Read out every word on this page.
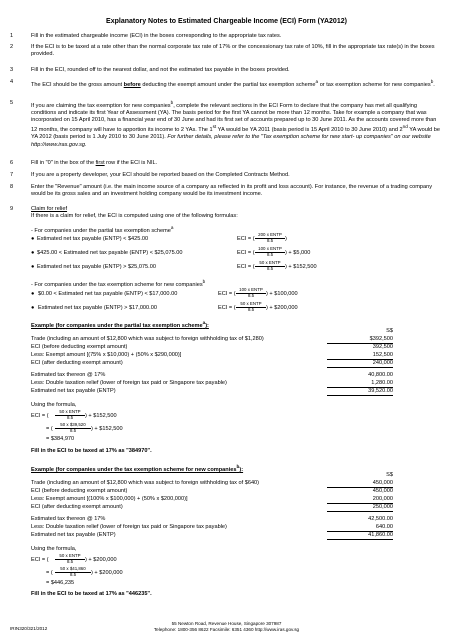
Explanatory Notes to Estimated Chargeable Income (ECI) Form (YA2012)
1	Fill in the estimated chargeable income (ECI) in the boxes corresponding to the appropriate tax rates.
2	If the ECI is to be taxed at a rate other than the normal corporate tax rate of 17% or the concessionary tax rate of 10%, fill in the appropriate tax rate(s) in the boxes provided.
3	Fill in the ECI, rounded off to the nearest dollar, and not the estimated tax payable in the boxes provided.
4	The ECI should be the gross amount before deducting the exempt amount under the partial tax exemption scheme$^a$ or tax exemption scheme for new companies$^b$.
5	If you are claiming the tax exemption for new companies$^b$, complete the relevant sections in the ECI Form to declare that the company has met all qualifying conditions and indicate its first Year of Assessment (YA). The basis period for the first YA cannot be more than 12 months. Take for example a company that was incorporated on 15 April 2010, has a financial year end of 30 June and had its first set of accounts prepared up to 30 June 2011. As the accounts covered more than 12 months, the company will have to apportion its income to 2 YAs. The 1st YA would be YA 2011 (basis period is 15 April 2010 to 30 June 2010) and 2nd YA would be YA 2012 (basis period is 1 July 2010 to 30 June 2011). For further details, please refer to the "Tax exemption scheme for new start- up companies" on our website http://www.iras.gov.sg.
6	Fill in "0" in the box of the first row if the ECI is NIL.
7	If you are a property developer, your ECI should be reported based on the Completed Contracts Method.
8	Enter the "Revenue" amount (i.e. the main income source of a company as reflected in its profit and loss account). For instance, the revenue of a trading company would be its gross sales and an investment holding company would be its investment income.
9	Claim for relief
If there is a claim for relief, the ECI is computed using one of the following formulas:
- For companies under the partial tax exemption scheme$^a$
● Estimated net tax payable (ENTP) < $425.00	ECI = (
200 x ENTP
8.5	)
● $425.00 < Estimated net tax payable (ENTP) < $25,075.00	ECI = (
100 x ENTP
8.5	) + $5,000
● Estimated net tax payable (ENTP) > $25,075.00	ECI = (
50 x ENTP
8.5	) + $152,500
- For companies under the tax exemption scheme for new companies$^b$
● $0.00 < Estimated net tax payable (ENTP) < $17,000.00	ECI = (
100 x ENTP
8.5	) + $100,000
● Estimated net tax payable (ENTP) > $17,000.00	ECI = (
50 x ENTP
8.5	) + $200,000
Example (for companies under the partial tax exemption scheme$^a$):
S$
Trade (including an amount of $12,800 which was subject to foreign withholding tax of $1,280)	$392,500
ECI (before deducting exempt amount)	392,500
Less: Exempt amount [(75% x $10,000) + (50% x $290,000)]	152,500
ECI (after deducting exempt amount)	240,000
Estimated tax thereon @ 17%	40,800.00
Less: Double taxation relief (lower of foreign tax paid or Singapore tax payable)	1,280.00
Estimated net tax payable (ENTP)	39,520.00
Using the formula,
ECI = (
50 x ENTP
8.5	) + $152,500
= (
50 x $39,520
8.5	) + $152,500
= $384,970
Fill in the ECI to be taxed at 17% as "384970".
Example (for companies under the tax exemption scheme for new companies$^b$):
S$
Trade (including an amount of $12,800 which was subject to foreign withholding tax of $640)	450,000
ECI (before deducting exempt amount)	450,000
Less: Exempt amount [(100% x $100,000) + (50% x $200,000)]	200,000
ECI (after deducting exempt amount)	250,000
Estimated tax thereon @ 17%	42,500.00
Less: Double taxation relief (lower of foreign tax paid or Singapore tax payable)	640.00
Estimated net tax payable (ENTP)	41,860.00
Using the formula,
ECI = (
50 x ENTP
8.5	) + $200,000
= (
50 x $41,860
8.5	) + $200,000
= $446,235
Fill in the ECI to be taxed at 17% as "446235".
55 Newton Road, Revenue House, Singapore 307987
Telephone: 1800-356 8622 Facsimile: 6351 4360 http://www.iras.gov.sg
IRIN320/321/2012
